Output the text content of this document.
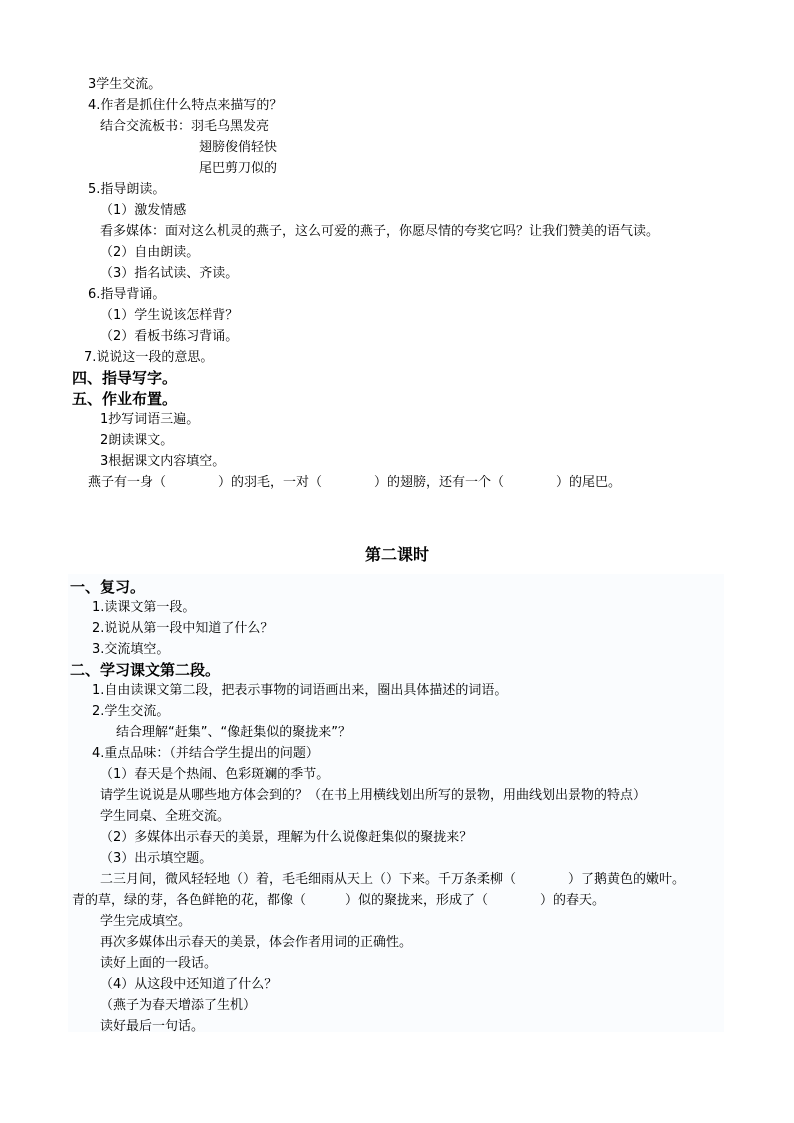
3学生交流。
4.作者是抓住什么特点来描写的？
结合交流板书：羽毛乌黑发亮
翅膀俊俏轻快
尾巴剪刀似的
5.指导朗读。
（1）激发情感
看多媒体：面对这么机灵的燕子，这么可爱的燕子，你愿尽情的夸奖它吗？让我们赞美的语气读。
（2）自由朗读。
（3）指名试读、齐读。
6.指导背诵。
（1）学生说该怎样背？
（2）看板书练习背诵。
7.说说这一段的意思。
四、指导写字。
五、作业布置。
1抄写词语三遍。
2朗读课文。
3根据课文内容填空。
燕子有一身（　　　　）的羽毛，一对（　　　　）的翅膀，还有一个（　　　　）的尾巴。
第二课时
一、复习。
1.读课文第一段。
2.说说从第一段中知道了什么？
3.交流填空。
二、学习课文第二段。
1.自由读课文第二段，把表示事物的词语画出来，圈出具体描述的词语。
2.学生交流。
结合理解“赶集”、“像赶集似的聚拢来”？
4.重点品味：（并结合学生提出的问题）
（1）春天是个热闹、色彩斑斓的季节。
请学生说说是从哪些地方体会到的？（在书上用横线划出所写的景物，用曲线划出景物的特点）
学生同桌、全班交流。
（2）多媒体出示春天的美景，理解为什么说像赶集似的聚拢来？
（3）出示填空题。
二三月间，微风轻轻地（）着，毛毛细雨从天上（）下来。千万条柔柳（　　　　）了鹅黄色的嫩叶。
青的草，绿的芽，各色鲜艳的花，都像（　　　）似的聚拢来，形成了（　　　　）的春天。
学生完成填空。
再次多媒体出示春天的美景，体会作者用词的正确性。
读好上面的一段话。
（4）从这段中还知道了什么？
（燕子为春天增添了生机）
读好最后一句话。
